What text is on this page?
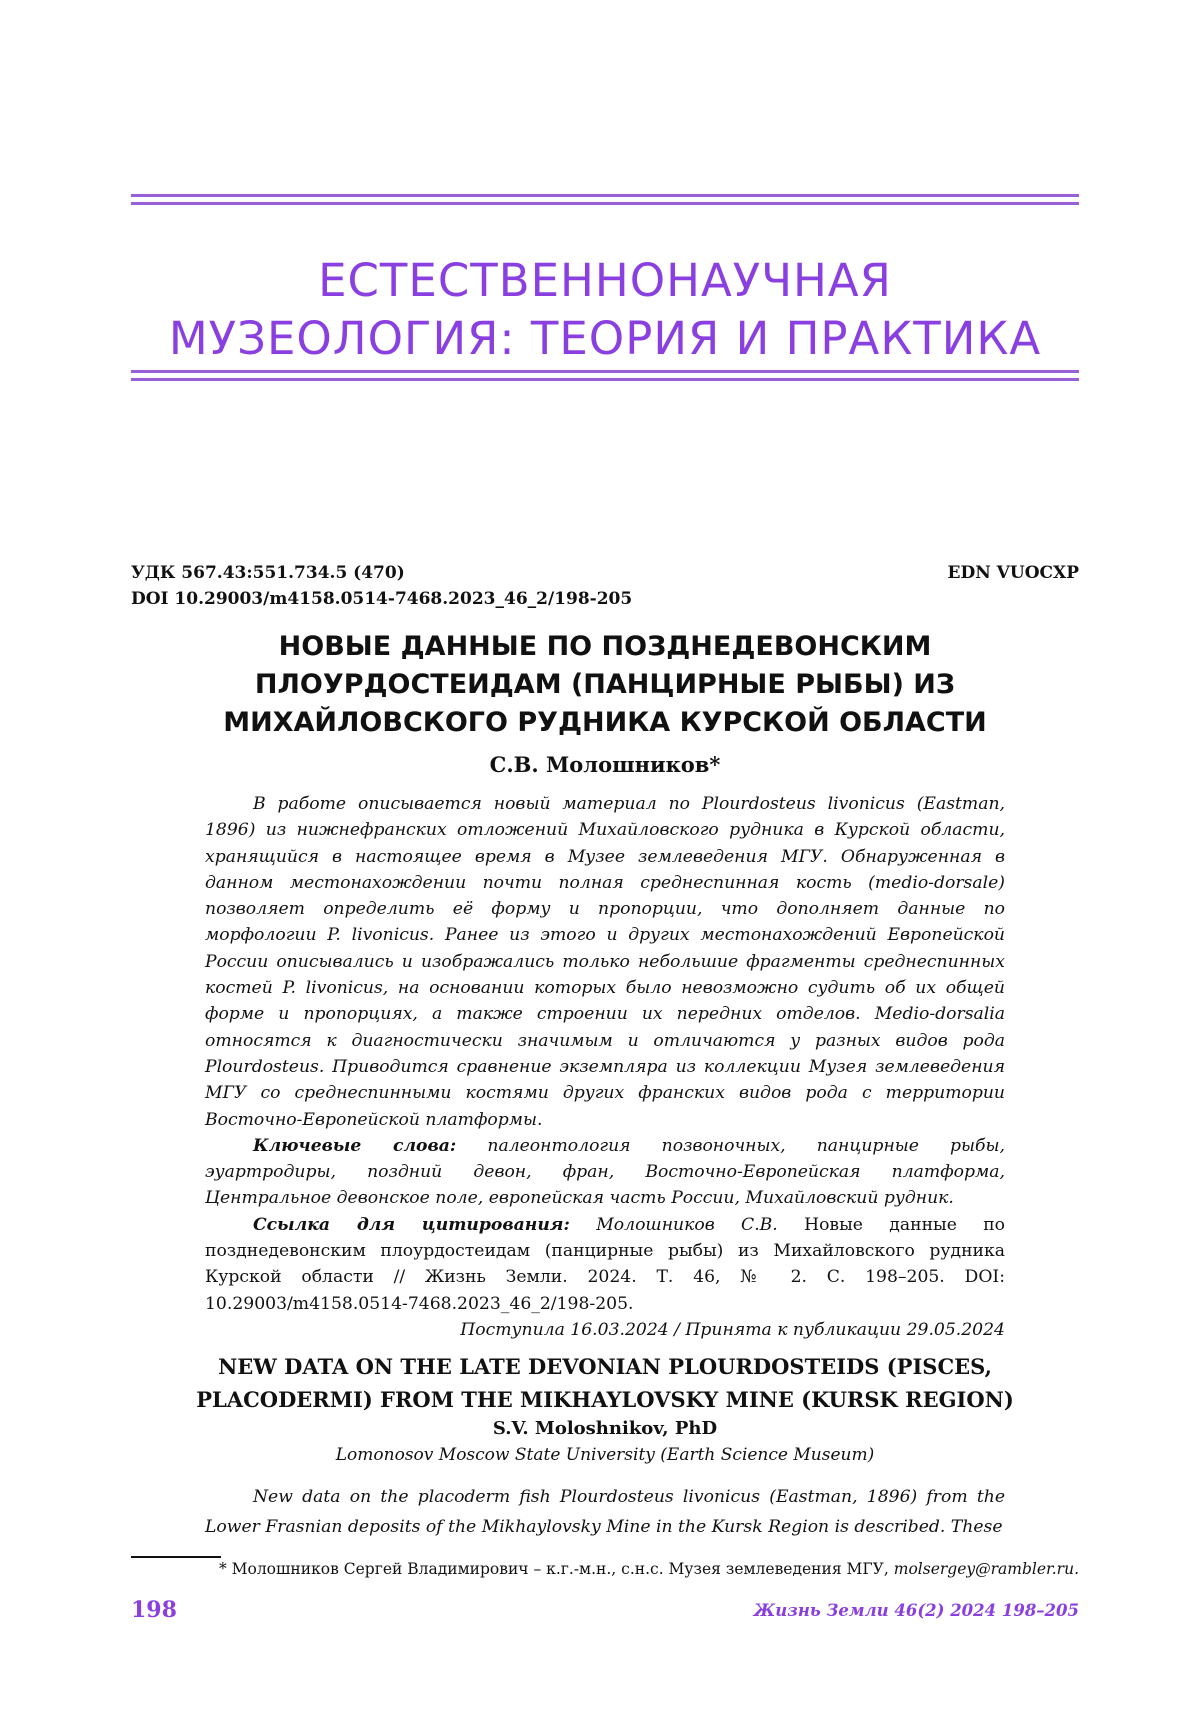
ЕСТЕСТВЕННОНАУЧНАЯ
МУЗЕОЛОГИЯ: ТЕОРИЯ И ПРАКТИКА
УДК 567.43:551.734.5 (470)
DOI 10.29003/m4158.0514-7468.2023_46_2/198-205
EDN VUOCXP
НОВЫЕ ДАННЫЕ ПО ПОЗДНЕДЕВОНСКИМ
ПЛОУРДОСТЕИДАМ (ПАНЦИРНЫЕ РЫБЫ) ИЗ
МИХАЙЛОВСКОГО РУДНИКА КУРСКОЙ ОБЛАСТИ
С.В. Молошников*

В работе описывается новый материал по Plourdosteus livonicus (Eastman, 1896) из нижнефранских отложений Михайловского рудника в Курской области, хранящийся в настоящее время в Музее землеведения МГУ. Обнаруженная в данном местонахождении почти полная среднеспинная кость (medio-dorsale) позволяет определить её форму и пропорции, что дополняет данные по морфологии P. livonicus. Ранее из этого и других местонахождений Европейской России описывались и изображались только небольшие фрагменты среднеспинных костей P. livonicus, на основании которых было невозможно судить об их общей форме и пропорциях, а также строении их передних отделов. Medio-dorsalia относятся к диагностически значимым и отличаются у разных видов рода Plourdosteus. Приводится сравнение экземпляра из коллекции Музея землеведения МГУ со среднеспинными костями других франских видов рода с территории Восточно-Европейской платформы.

Ключевые слова: палеонтология позвоночных, панцирные рыбы, эуартродиры, поздний девон, фран, Восточно-Европейская платформа, Центральное девонское поле, европейская часть России, Михайловский рудник.

Ссылка для цитирования: Молошников С.В. Новые данные по позднедевонским плоурдостеидам (панцирные рыбы) из Михайловского рудника Курской области // Жизнь Земли. 2024. Т. 46, № 2. С. 198–205. DOI: 10.29003/m4158.0514-7468.2023_46_2/198-205.

Поступила 16.03.2024 / Принята к публикации 29.05.2024
NEW DATA ON THE LATE DEVONIAN PLOURDOSTEIDS (PISCES,
PLACODERMI) FROM THE MIKHAYLOVSKY MINE (KURSK REGION)
S.V. Moloshnikov, PhD
Lomonosov Moscow State University (Earth Science Museum)

New data on the placoderm fish Plourdosteus livonicus (Eastman, 1896) from the Lower Frasnian deposits of the Mikhaylovsky Mine in the Kursk Region is described. These

* Молошников Сергей Владимирович – к.г.-м.н., с.н.с. Музея землеведения МГУ, molsergey@rambler.ru.
198	Жизнь Земли 46(2) 2024 198–205
